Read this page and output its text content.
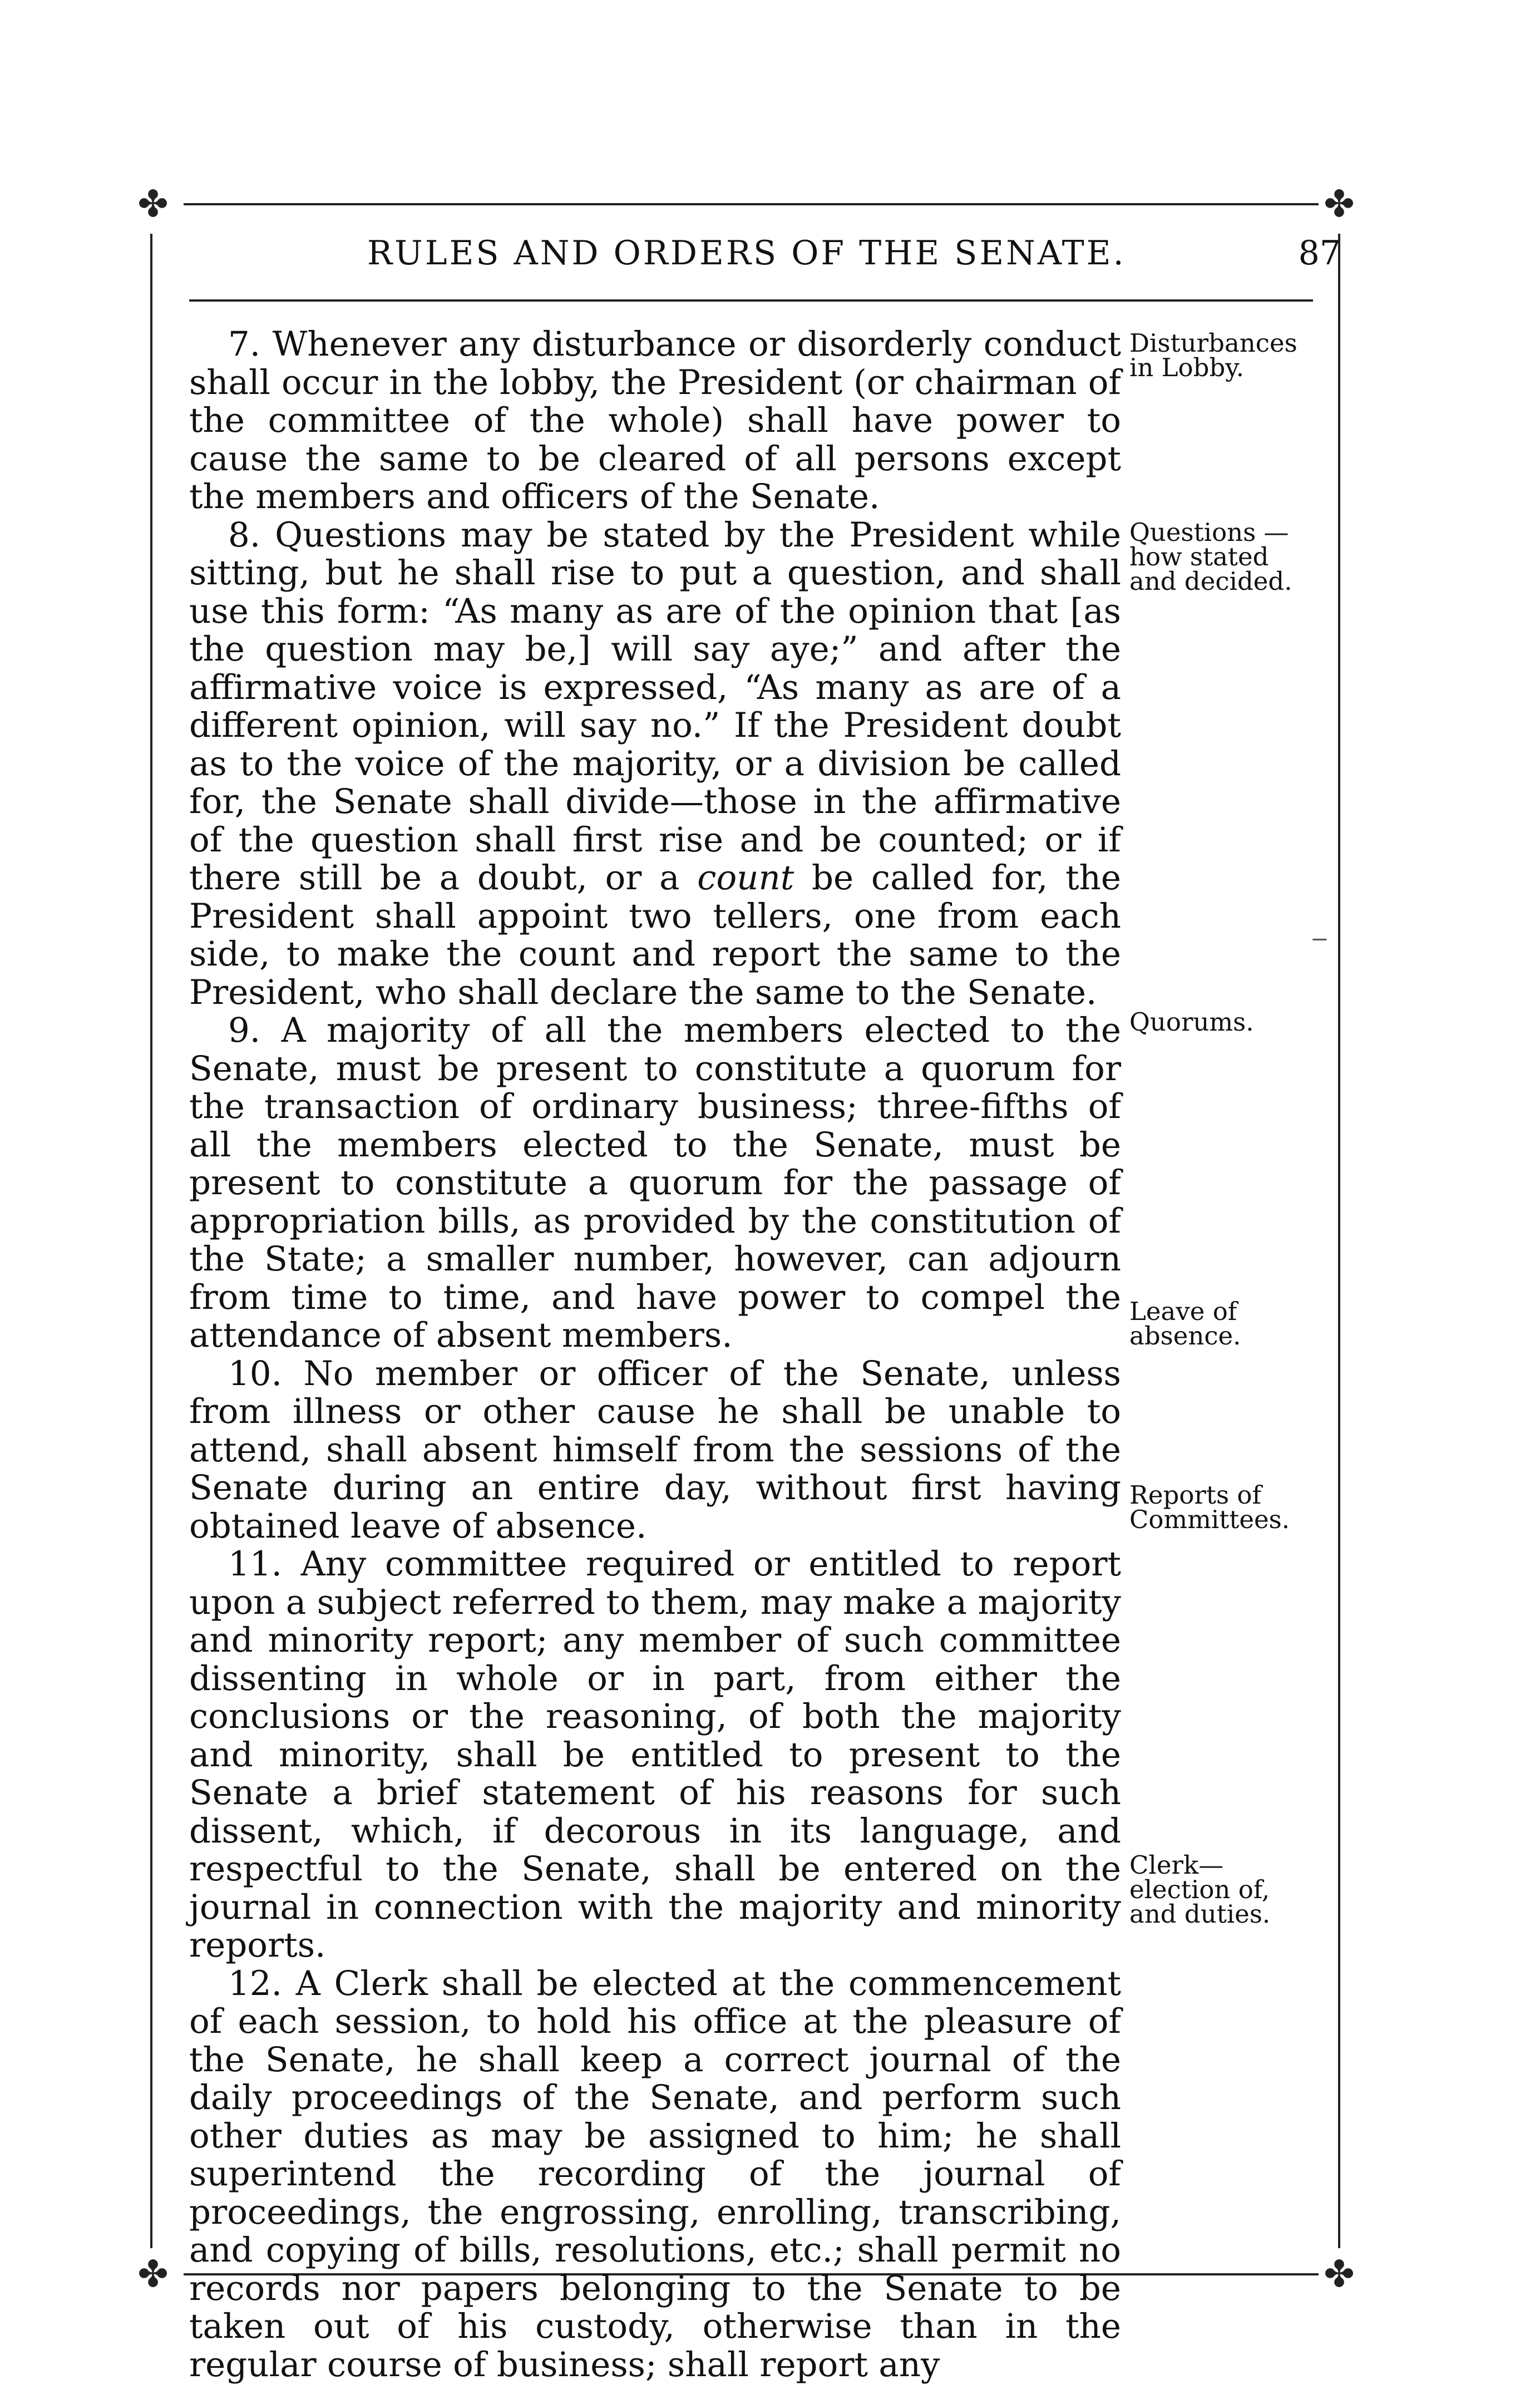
✤	✤
✤	✤
RULES AND ORDERS OF THE SENATE.	87

7. Whenever any disturbance or disorderly conduct shall occur in the lobby, the President (or chairman of the committee of the whole) shall have power to cause the same to be cleared of all persons except the members and officers of the Senate.

8. Questions may be stated by the President while sitting, but he shall rise to put a question, and shall use this form: “As many as are of the opinion that [as the question may be,] will say aye;” and after the affirmative voice is expressed, “As many as are of a different opinion, will say no.” If the President doubt as to the voice of the majority, or a division be called for, the Senate shall divide—those in the affirmative of the question shall first rise and be counted; or if there still be a doubt, or a count be called for, the President shall appoint two tellers, one from each side, to make the count and report the same to the President, who shall declare the same to the Senate.

9. A majority of all the members elected to the Senate, must be present to constitute a quorum for the transaction of ordinary business; three-fifths of all the members elected to the Senate, must be present to constitute a quorum for the passage of appropriation bills, as provided by the constitution of the State; a smaller number, however, can adjourn from time to time, and have power to compel the attendance of absent members.

10. No member or officer of the Senate, unless from illness or other cause he shall be unable to attend, shall absent himself from the sessions of the Senate during an entire day, without first having obtained leave of absence.

11. Any committee required or entitled to report upon a subject referred to them, may make a majority and minority report; any member of such committee dissenting in whole or in part, from either the conclusions or the reasoning, of both the majority and minority, shall be entitled to present to the Senate a brief statement of his reasons for such dissent, which, if decorous in its language, and respectful to the Senate, shall be entered on the journal in connection with the majority and minority reports.

12. A Clerk shall be elected at the commencement of each session, to hold his office at the pleasure of the Senate, he shall keep a correct journal of the daily proceedings of the Senate, and perform such other duties as may be assigned to him; he shall superintend the recording of the journal of proceedings, the engrossing, enrolling, transcribing, and copying of bills, resolutions, etc.; shall permit no records nor papers belonging to the Senate to be taken out of his custody, otherwise than in the regular course of business; shall report any

Disturbances in Lobby.
Questions — how stated and decided.
Quorums.
Leave of absence.
Reports of Committees.
Clerk— election of, and duties.
−
